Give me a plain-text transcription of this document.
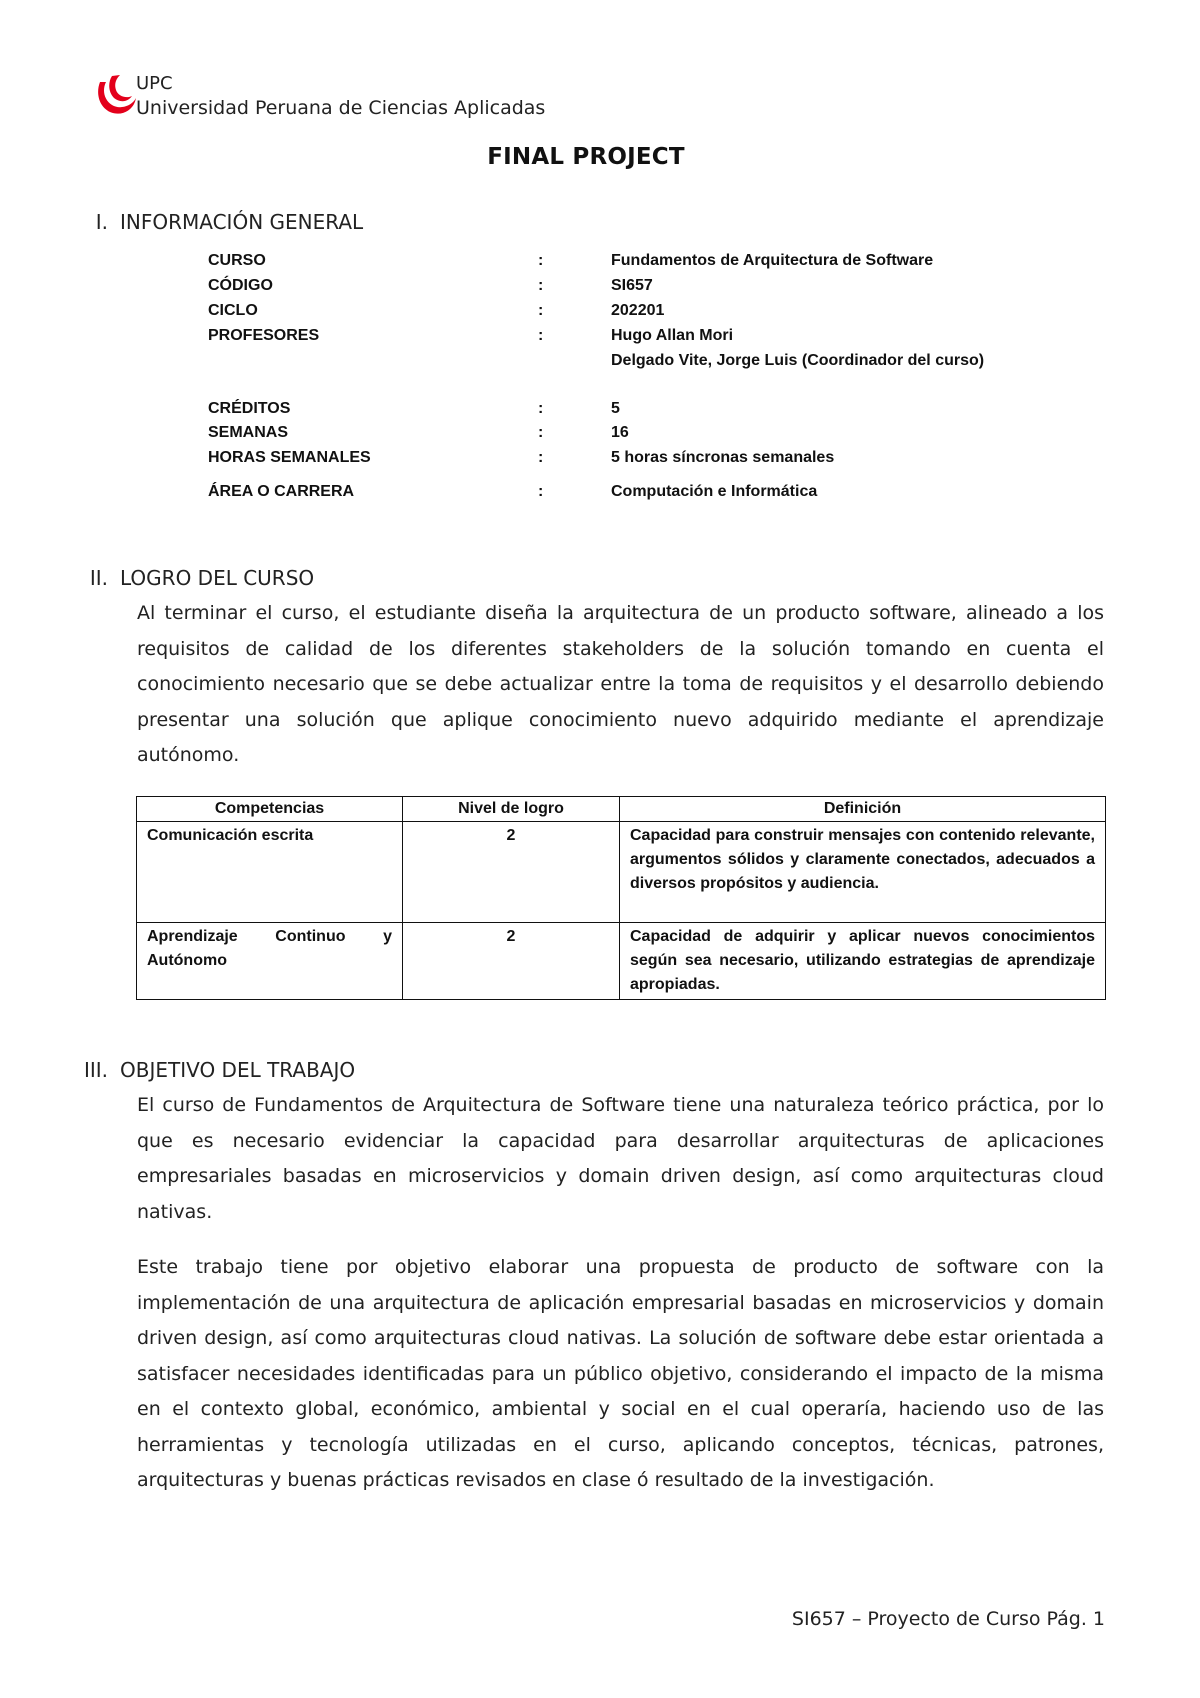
UPC
Universidad Peruana de Ciencias Aplicadas
FINAL PROJECT
I. INFORMACIÓN GENERAL
CURSO	:	Fundamentos de Arquitectura de Software
CÓDIGO	:	SI657
CICLO	:	202201
PROFESORES	:	Hugo Allan Mori
Delgado Vite, Jorge Luis (Coordinador del curso)
CRÉDITOS	:	5
SEMANAS	:	16
HORAS SEMANALES	:	5 horas síncronas semanales
ÁREA O CARRERA	:	Computación e Informática
II. LOGRO DEL CURSO
Al terminar el curso, el estudiante diseña la arquitectura de un producto software, alineado a los requisitos de calidad de los diferentes stakeholders de la solución tomando en cuenta el conocimiento necesario que se debe actualizar entre la toma de requisitos y el desarrollo debiendo presentar una solución que aplique conocimiento nuevo adquirido mediante el aprendizaje autónomo.
Competencias	Nivel de logro	Definición
Comunicación escrita	2	Capacidad para construir mensajes con contenido relevante, argumentos sólidos y claramente conectados, adecuados a diversos propósitos y audiencia.
Aprendizaje Continuo y Autónomo	2	Capacidad de adquirir y aplicar nuevos conocimientos según sea necesario, utilizando estrategias de aprendizaje apropiadas.
III. OBJETIVO DEL TRABAJO
El curso de Fundamentos de Arquitectura de Software tiene una naturaleza teórico práctica, por lo que es necesario evidenciar la capacidad para desarrollar arquitecturas de aplicaciones empresariales basadas en microservicios y domain driven design, así como arquitecturas cloud nativas.
Este trabajo tiene por objetivo elaborar una propuesta de producto de software con la implementación de una arquitectura de aplicación empresarial basadas en microservicios y domain driven design, así como arquitecturas cloud nativas. La solución de software debe estar orientada a satisfacer necesidades identificadas para un público objetivo, considerando el impacto de la misma en el contexto global, económico, ambiental y social en el cual operaría, haciendo uso de las herramientas y tecnología utilizadas en el curso, aplicando conceptos, técnicas, patrones, arquitecturas y buenas prácticas revisados en clase ó resultado de la investigación.
SI657 – Proyecto de Curso Pág. 1
